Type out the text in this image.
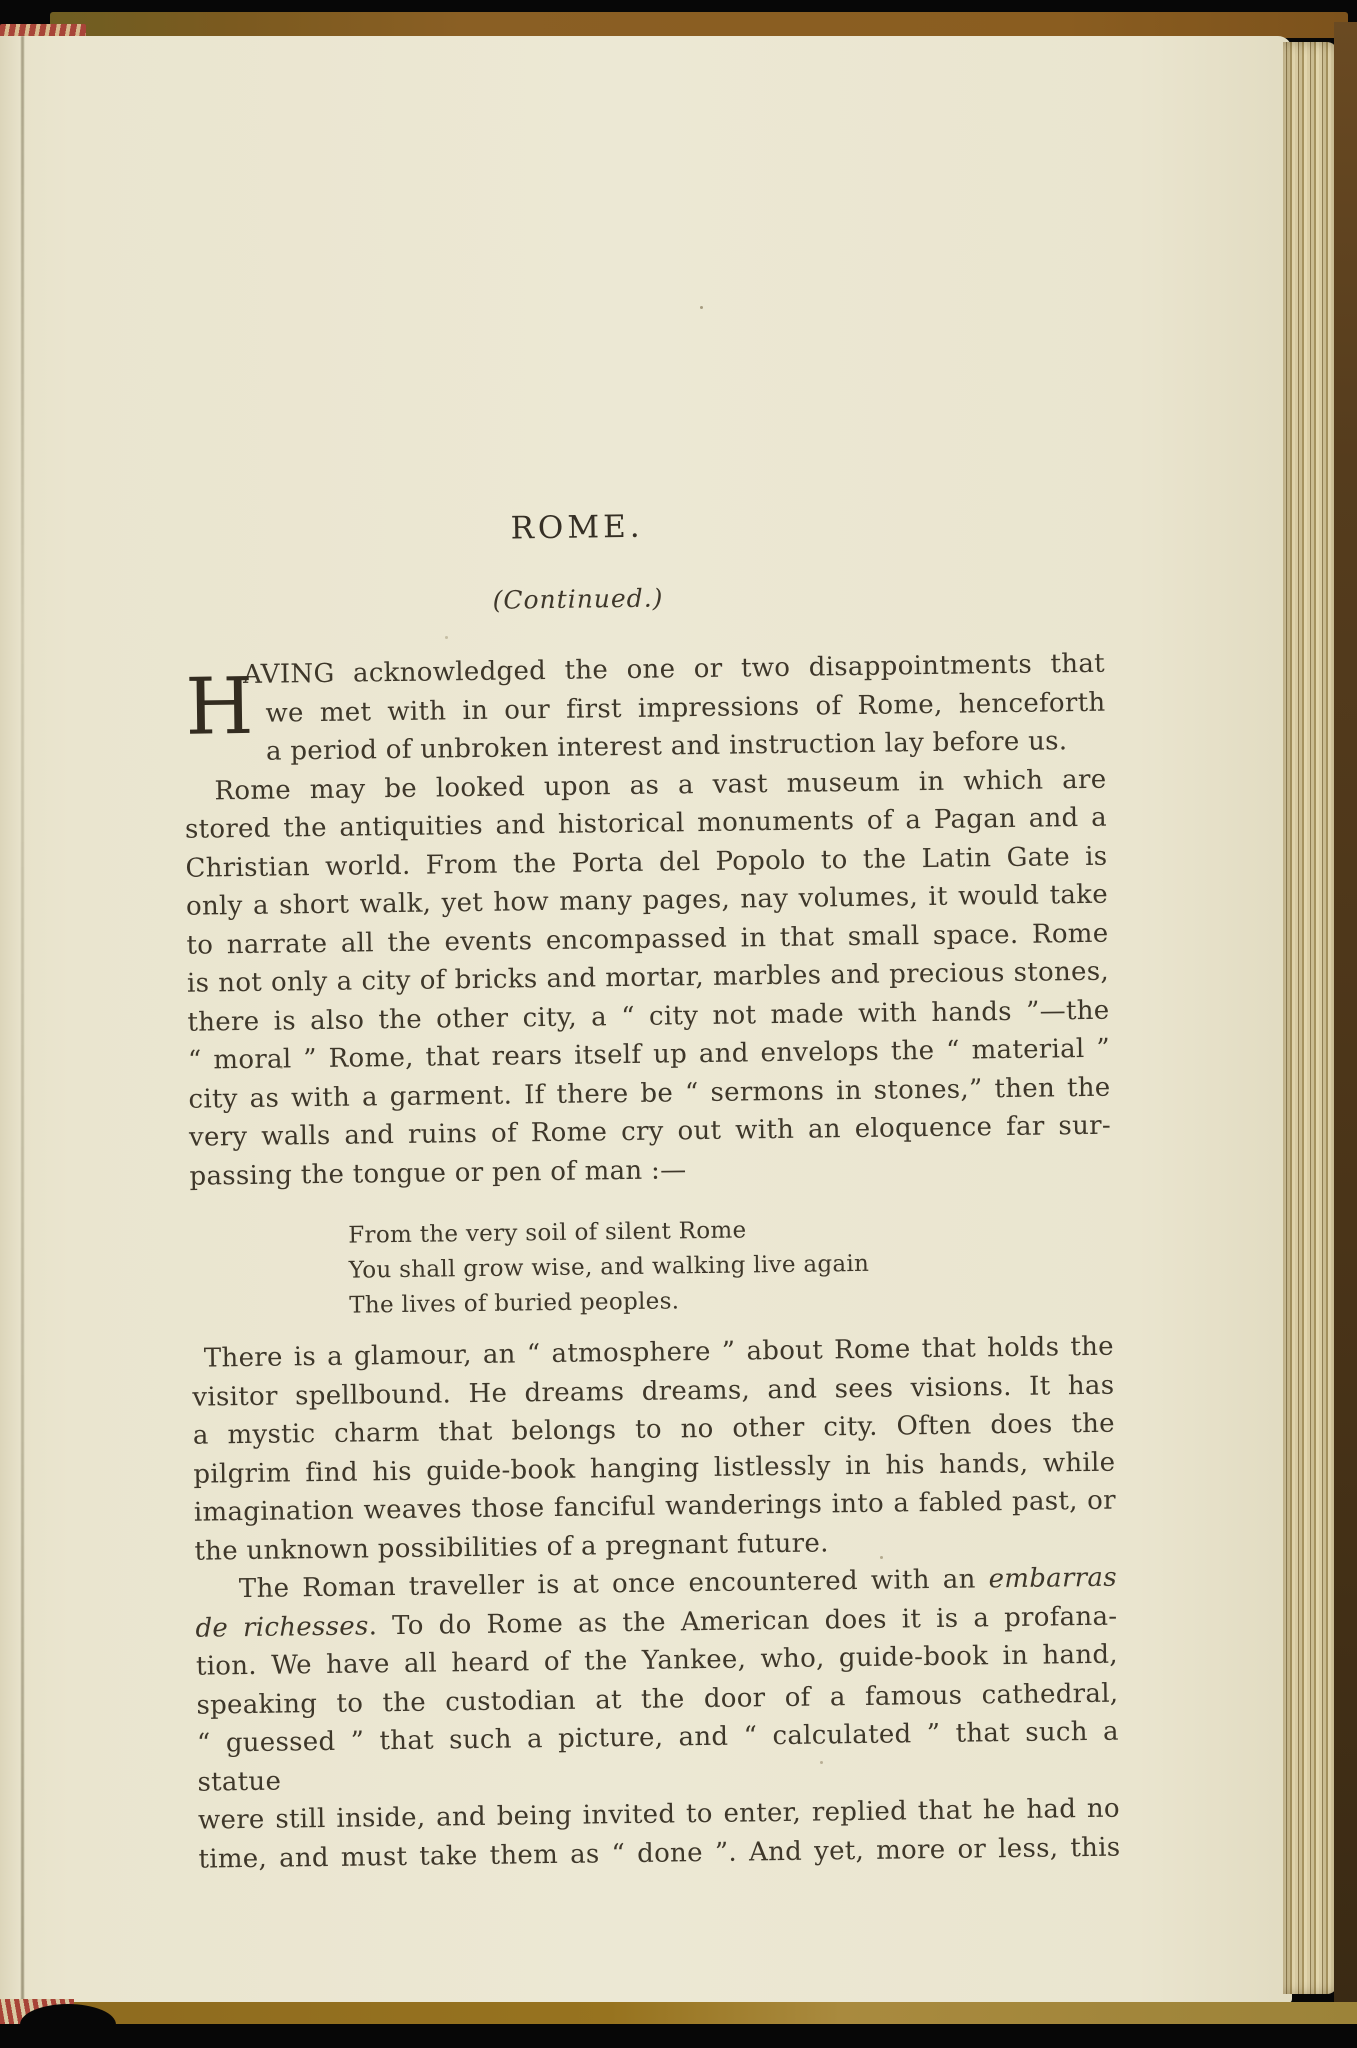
ROME.
(Continued.)
H
AVING acknowledged the one or two disappointments that
we met with in our first impressions of Rome, henceforth
a period of unbroken interest and instruction lay before us.
Rome may be looked upon as a vast museum in which are
stored the antiquities and historical monuments of a Pagan and a
Christian world. From the Porta del Popolo to the Latin Gate is
only a short walk, yet how many pages, nay volumes, it would take
to narrate all the events encompassed in that small space. Rome
is not only a city of bricks and mortar, marbles and precious stones,
there is also the other city, a “ city not made with hands ”—the
“ moral ” Rome, that rears itself up and envelops the “ material ”
city as with a garment. If there be “ sermons in stones,” then the
very walls and ruins of Rome cry out with an eloquence far sur-
passing the tongue or pen of man :—
From the very soil of silent Rome
You shall grow wise, and walking live again
The lives of buried peoples.
There is a glamour, an “ atmosphere ” about Rome that holds the
visitor spellbound. He dreams dreams, and sees visions. It has
a mystic charm that belongs to no other city. Often does the
pilgrim find his guide-book hanging listlessly in his hands, while
imagination weaves those fanciful wanderings into a fabled past, or
the unknown possibilities of a pregnant future.
The Roman traveller is at once encountered with an embarras
de richesses. To do Rome as the American does it is a profana-
tion. We have all heard of the Yankee, who, guide-book in hand,
speaking to the custodian at the door of a famous cathedral,
“ guessed ” that such a picture, and “ calculated ” that such a statue
were still inside, and being invited to enter, replied that he had no
time, and must take them as “ done ”. And yet, more or less, this
